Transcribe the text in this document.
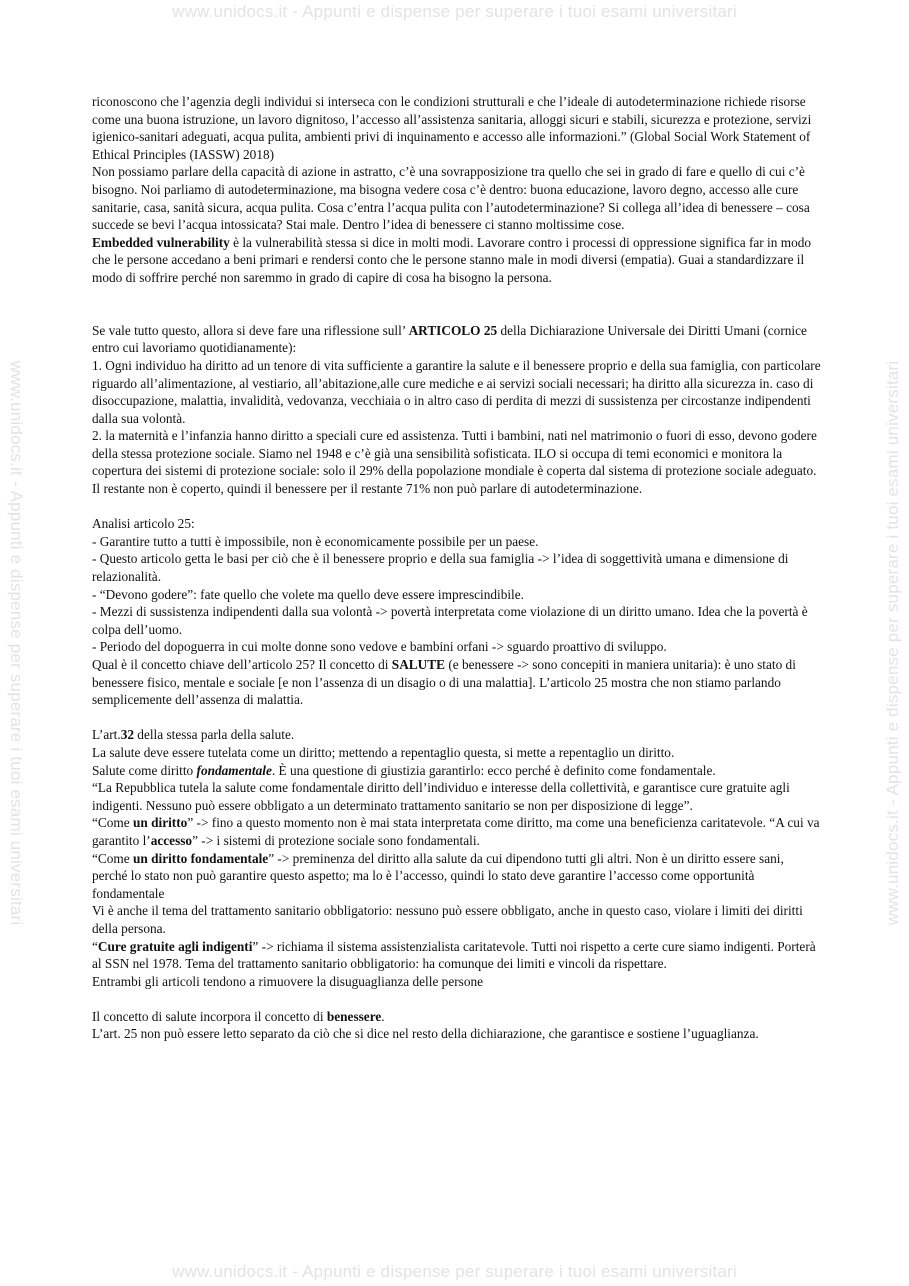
www.unidocs.it - Appunti e dispense per superare i tuoi esami universitari
www.unidocs.it - Appunti e dispense per superare i tuoi esami universitari
www.unidocs.it - Appunti e dispense per superare i tuoi esami universitari	www.unidocs.it - Appunti e dispense per superare i tuoi esami universitari

riconoscono che l’agenzia degli individui si interseca con le condizioni strutturali e che l’ideale di autodeterminazione richiede risorse come una buona istruzione, un lavoro dignitoso, l’accesso all’assistenza sanitaria, alloggi sicuri e stabili, sicurezza e protezione, servizi igienico-sanitari adeguati, acqua pulita, ambienti privi di inquinamento e accesso alle informazioni.” (Global Social Work Statement of Ethical Principles (IASSW) 2018)

Non possiamo parlare della capacità di azione in astratto, c’è una sovrapposizione tra quello che sei in grado di fare e quello di cui c’è bisogno. Noi parliamo di autodeterminazione, ma bisogna vedere cosa c’è dentro: buona educazione, lavoro degno, accesso alle cure sanitarie, casa, sanità sicura, acqua pulita. Cosa c’entra l’acqua pulita con l’autodeterminazione? Si collega all’idea di benessere – cosa succede se bevi l’acqua intossicata? Stai male. Dentro l’idea di benessere ci stanno moltissime cose.

Embedded vulnerability è la vulnerabilità stessa si dice in molti modi. Lavorare contro i processi di oppressione significa far in modo che le persone accedano a beni primari e rendersi conto che le persone stanno male in modi diversi (empatia). Guai a standardizzare il modo di soffrire perché non saremmo in grado di capire di cosa ha bisogno la persona.

Se vale tutto questo, allora si deve fare una riflessione sull’ ARTICOLO 25 della Dichiarazione Universale dei Diritti Umani (cornice entro cui lavoriamo quotidianamente):

1. Ogni individuo ha diritto ad un tenore di vita sufficiente a garantire la salute e il benessere proprio e della sua famiglia, con particolare riguardo all’alimentazione, al vestiario, all’abitazione,alle cure mediche e ai servizi sociali necessari; ha diritto alla sicurezza in. caso di disoccupazione, malattia, invalidità, vedovanza, vecchiaia o in altro caso di perdita di mezzi di sussistenza per circostanze indipendenti dalla sua volontà.

2. la maternità e l’infanzia hanno diritto a speciali cure ed assistenza. Tutti i bambini, nati nel matrimonio o fuori di esso, devono godere della stessa protezione sociale. Siamo nel 1948 e c’è già una sensibilità sofisticata. ILO si occupa di temi economici e monitora la copertura dei sistemi di protezione sociale: solo il 29% della popolazione mondiale è coperta dal sistema di protezione sociale adeguato. Il restante non è coperto, quindi il benessere per il restante 71% non può parlare di autodeterminazione.

Analisi articolo 25:

- Garantire tutto a tutti è impossibile, non è economicamente possibile per un paese.

- Questo articolo getta le basi per ciò che è il benessere proprio e della sua famiglia -> l’idea di soggettività umana e dimensione di relazionalità.

- “Devono godere”: fate quello che volete ma quello deve essere imprescindibile.

- Mezzi di sussistenza indipendenti dalla sua volontà -> povertà interpretata come violazione di un diritto umano. Idea che la povertà è colpa dell’uomo.

- Periodo del dopoguerra in cui molte donne sono vedove e bambini orfani -> sguardo proattivo di sviluppo.

Qual è il concetto chiave dell’articolo 25? Il concetto di SALUTE (e benessere -> sono concepiti in maniera unitaria): è uno stato di benessere fisico, mentale e sociale [e non l’assenza di un disagio o di una malattia]. L’articolo 25 mostra che non stiamo parlando semplicemente dell’assenza di malattia.

L’art.32 della stessa parla della salute.

La salute deve essere tutelata come un diritto; mettendo a repentaglio questa, si mette a repentaglio un diritto.

Salute come diritto fondamentale. È una questione di giustizia garantirlo: ecco perché è definito come fondamentale.

“La Repubblica tutela la salute come fondamentale diritto dell’individuo e interesse della collettività, e garantisce cure gratuite agli indigenti. Nessuno può essere obbligato a un determinato trattamento sanitario se non per disposizione di legge”.

“Come un diritto” -> fino a questo momento non è mai stata interpretata come diritto, ma come una beneficienza caritatevole. “A cui va garantito l’accesso” -> i sistemi di protezione sociale sono fondamentali.

“Come un diritto fondamentale” -> preminenza del diritto alla salute da cui dipendono tutti gli altri. Non è un diritto essere sani, perché lo stato non può garantire questo aspetto; ma lo è l’accesso, quindi lo stato deve garantire l’accesso come opportunità fondamentale

Vi è anche il tema del trattamento sanitario obbligatorio: nessuno può essere obbligato, anche in questo caso, violare i limiti dei diritti della persona.

“Cure gratuite agli indigenti” -> richiama il sistema assistenzialista caritatevole. Tutti noi rispetto a certe cure siamo indigenti. Porterà al SSN nel 1978. Tema del trattamento sanitario obbligatorio: ha comunque dei limiti e vincoli da rispettare.

Entrambi gli articoli tendono a rimuovere la disuguaglianza delle persone

Il concetto di salute incorpora il concetto di benessere.

L’art. 25 non può essere letto separato da ciò che si dice nel resto della dichiarazione, che garantisce e sostiene l’uguaglianza.
